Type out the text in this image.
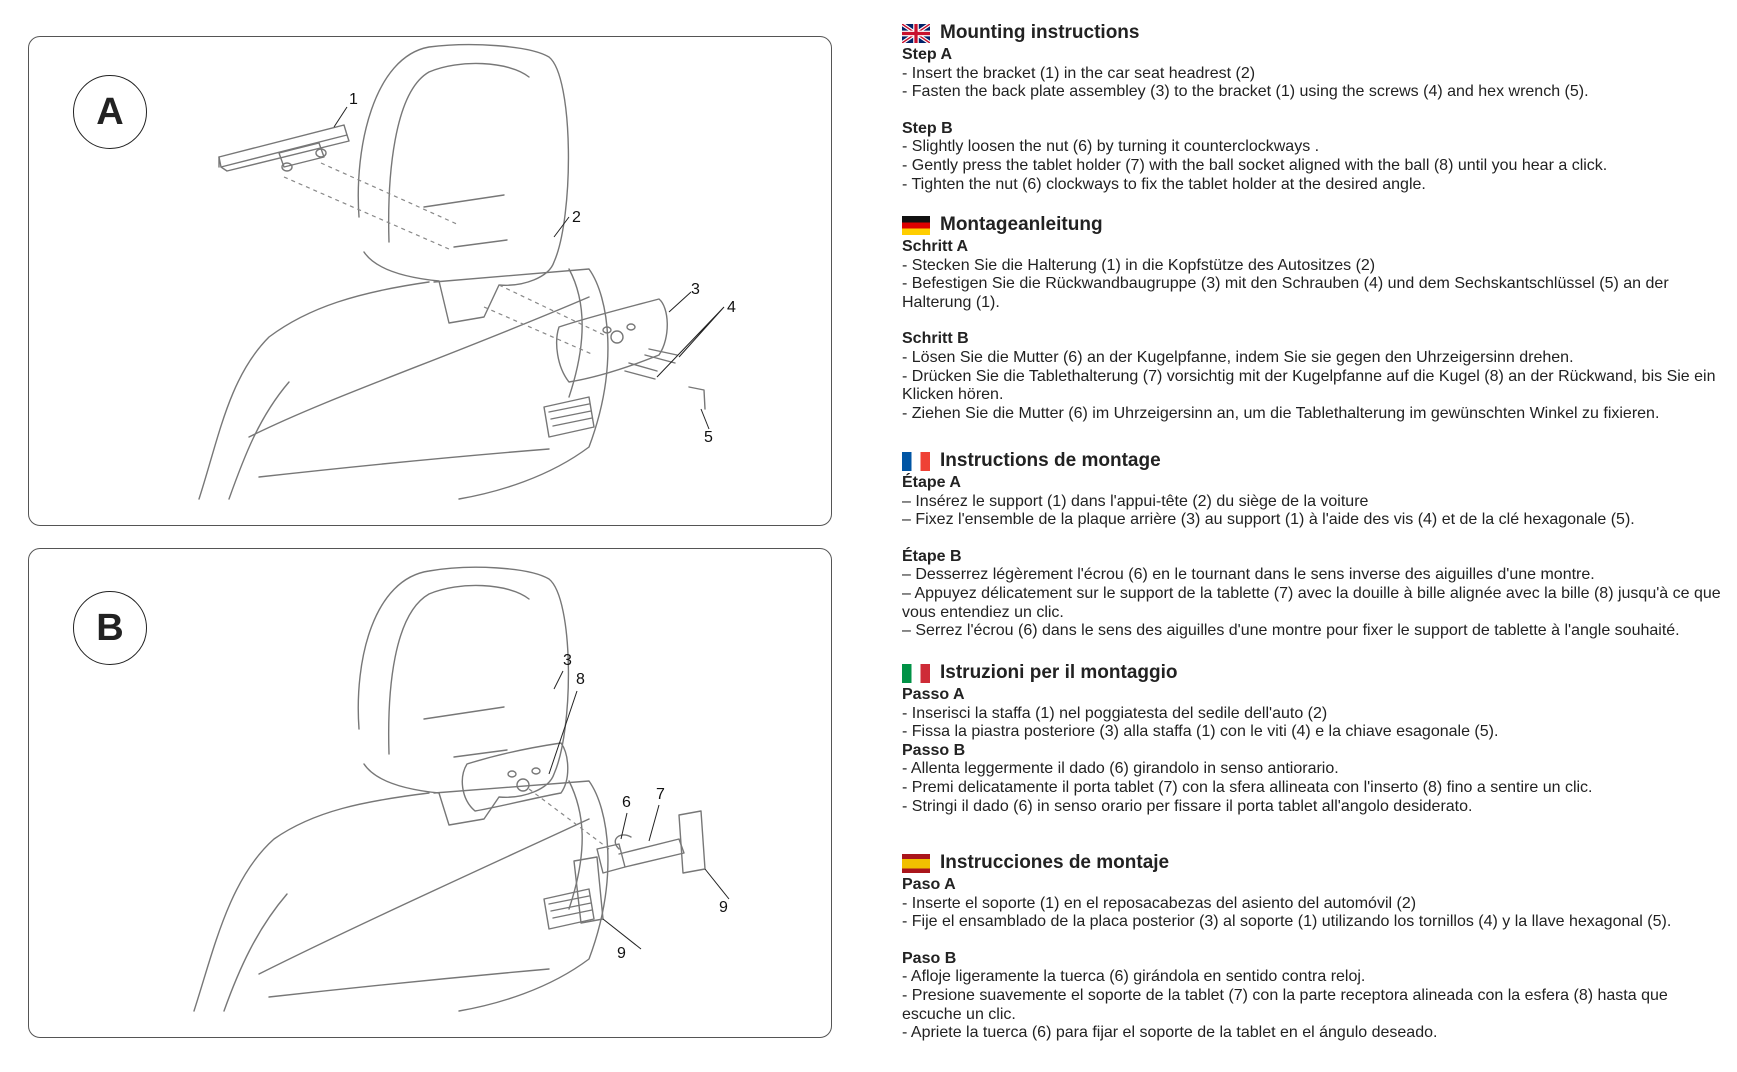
A	1
2
3
4
5
B
3
8
6 7
9
9
Mounting instructions
Step A
- Insert the bracket (1) in the car seat headrest (2)
- Fasten the back plate assembley (3) to the bracket (1) using the screws (4) and hex wrench (5).
Step B
- Slightly loosen the nut (6) by turning it counterclockways .
- Gently press the tablet holder (7) with the ball socket aligned with the ball (8) until you hear a click.
- Tighten the nut (6) clockways to fix the tablet holder at the desired angle.
Montageanleitung
Schritt A
- Stecken Sie die Halterung (1) in die Kopfstütze des Autositzes (2)
- Befestigen Sie die Rückwandbaugruppe (3) mit den Schrauben (4) und dem Sechskantschlüssel (5) an der Halterung (1).
Schritt B
- Lösen Sie die Mutter (6) an der Kugelpfanne, indem Sie sie gegen den Uhrzeigersinn drehen.
- Drücken Sie die Tablethalterung (7) vorsichtig mit der Kugelpfanne auf die Kugel (8) an der Rückwand, bis Sie ein Klicken hören.
- Ziehen Sie die Mutter (6) im Uhrzeigersinn an, um die Tablethalterung im gewünschten Winkel zu fixieren.
Instructions de montage
Étape A
– Insérez le support (1) dans l'appui-tête (2) du siège de la voiture
– Fixez l'ensemble de la plaque arrière (3) au support (1) à l'aide des vis (4) et de la clé hexagonale (5).
Étape B
– Desserrez légèrement l'écrou (6) en le tournant dans le sens inverse des aiguilles d'une montre.
– Appuyez délicatement sur le support de la tablette (7) avec la douille à bille alignée avec la bille (8) jusqu'à ce que vous entendiez un clic.
– Serrez l'écrou (6) dans le sens des aiguilles d'une montre pour fixer le support de tablette à l'angle souhaité.
Istruzioni per il montaggio
Passo A
- Inserisci la staffa (1) nel poggiatesta del sedile dell'auto (2)
- Fissa la piastra posteriore (3) alla staffa (1) con le viti (4) e la chiave esagonale (5).
Passo B
- Allenta leggermente il dado (6) girandolo in senso antiorario.
- Premi delicatamente il porta tablet (7) con la sfera allineata con l'inserto (8) fino a sentire un clic.
- Stringi il dado (6) in senso orario per fissare il porta tablet all'angolo desiderato.
Instrucciones de montaje
Paso A
- Inserte el soporte (1) en el reposacabezas del asiento del automóvil (2)
- Fije el ensamblado de la placa posterior (3) al soporte (1) utilizando los tornillos (4) y la llave hexagonal (5).
Paso B
- Afloje ligeramente la tuerca (6) girándola en sentido contra reloj.
- Presione suavemente el soporte de la tablet (7) con la parte receptora alineada con la esfera (8) hasta que escuche un clic.
- Apriete la tuerca (6) para fijar el soporte de la tablet en el ángulo deseado.
